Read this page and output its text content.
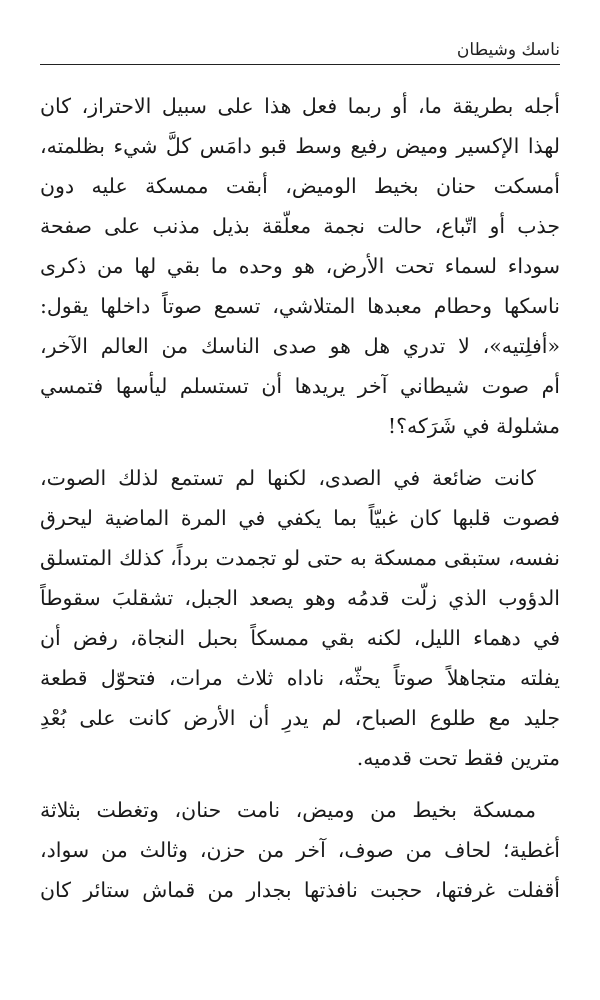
ناسك وشيطان

أجله بطريقة ما، أو ربما فعل هذا على سبيل الاحتراز، كان
لهذا الإكسير وميض رفيع وسط قبو دامَس كلَّ شيء بظلمته،
أمسكت حنان بخيط الوميض، أبقت ممسكة عليه دون
جذب أو اتّباع، حالت نجمة معلّقة بذيل مذنب على صفحة
سوداء لسماء تحت الأرض، هو وحده ما بقي لها من ذكرى
ناسكها وحطام معبدها المتلاشي، تسمع صوتاً داخلها يقول:
«أفلِتيه»، لا تدري هل هو صدى الناسك من العالم الآخر،
أم صوت شيطاني آخر يريدها أن تستسلم ليأسها فتمسي
مشلولة في شَرَكه؟!

كانت ضائعة في الصدى، لكنها لم تستمع لذلك الصوت،
فصوت قلبها كان غبيّاً بما يكفي في المرة الماضية ليحرق
نفسه، ستبقى ممسكة به حتى لو تجمدت برداً، كذلك المتسلق
الدؤوب الذي زلّت قدمُه وهو يصعد الجبل، تشقلبَ سقوطاً
في دهماء الليل، لكنه بقي ممسكاً بحبل النجاة، رفض أن
يفلته متجاهلاً صوتاً يحثّه، ناداه ثلاث مرات، فتحوّل قطعة
جليد مع طلوع الصباح، لم يدرِ أن الأرض كانت على بُعْدِ
مترين فقط تحت قدميه.

ممسكة بخيط من وميض، نامت حنان، وتغطت بثلاثة
أغطية؛ لحاف من صوف، آخر من حزن، وثالث من سواد،
أقفلت غرفتها، حجبت نافذتها بجدار من قماش ستائر كان
